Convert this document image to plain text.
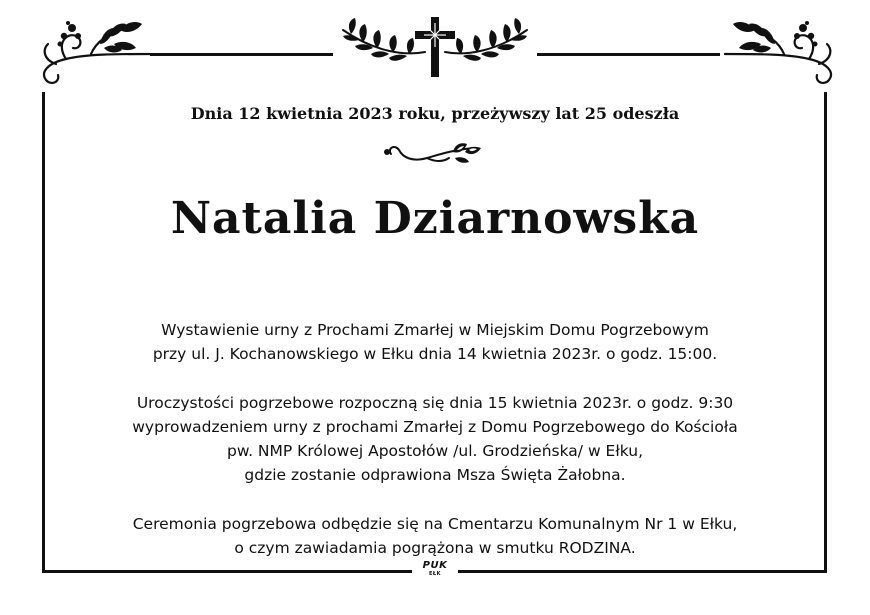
Dnia 12 kwietnia 2023 roku, przeżywszy lat 25 odeszła
Natalia Dziarnowska

Wystawienie urny z Prochami Zmarłej w Miejskim Domu Pogrzebowym
przy ul. J. Kochanowskiego w Ełku dnia 14 kwietnia 2023r. o godz. 15:00.

Uroczystości pogrzebowe rozpoczną się dnia 15 kwietnia 2023r. o godz. 9:30
wyprowadzeniem urny z prochami Zmarłej z Domu Pogrzebowego do Kościoła
pw. NMP Królowej Apostołów /ul. Grodzieńska/ w Ełku,
gdzie zostanie odprawiona Msza Święta Żałobna.

Ceremonia pogrzebowa odbędzie się na Cmentarzu Komunalnym Nr 1 w Ełku,
o czym zawiadamia pogrążona w smutku RODZINA.

PUK
EŁK
